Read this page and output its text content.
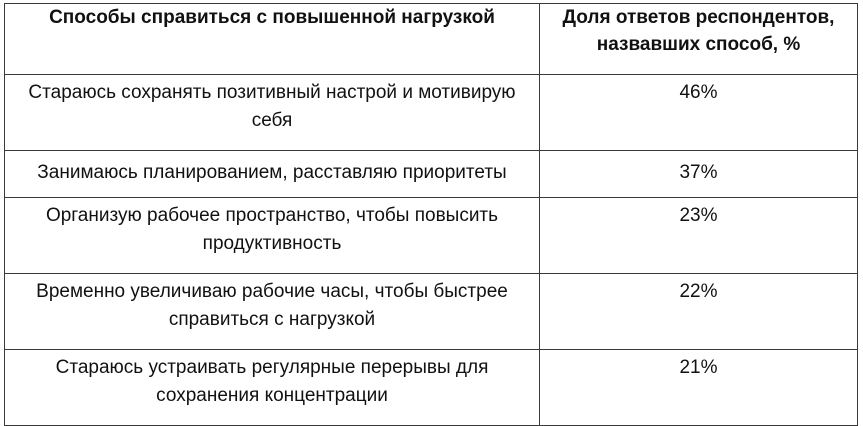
Способы справиться с повышенной нагрузкой	Доля ответов респондентов, назвавших способ, %
Стараюсь сохранять позитивный настрой и мотивирую себя	46%
Занимаюсь планированием, расставляю приоритеты	37%
Организую рабочее пространство, чтобы повысить продуктивность	23%
Временно увеличиваю рабочие часы, чтобы быстрее справиться с нагрузкой	22%
Стараюсь устраивать регулярные перерывы для сохранения концентрации	21%
